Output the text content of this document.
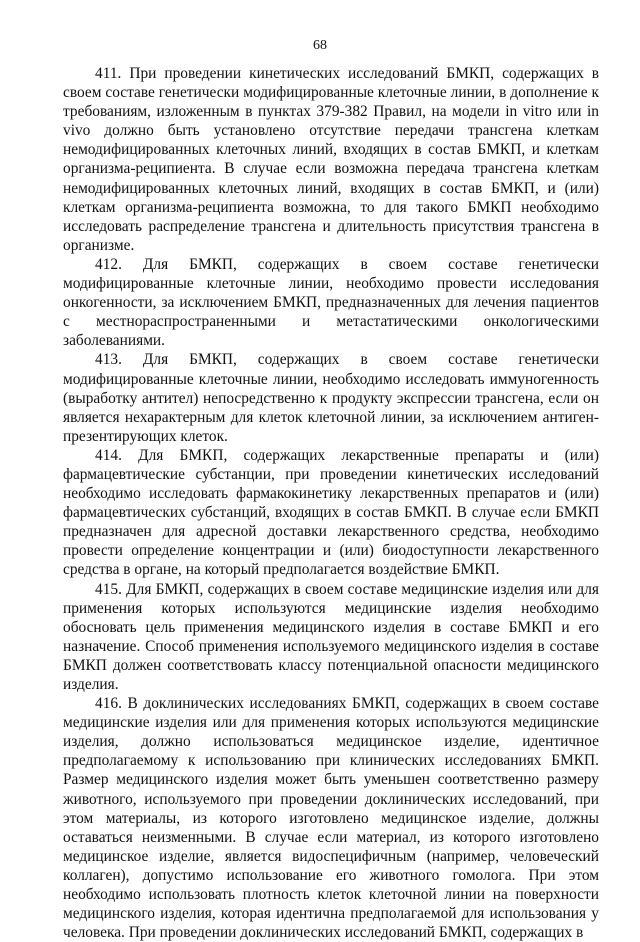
68

411. При проведении кинетических исследований БМКП, содержащих в своем составе генетически модифицированные клеточные линии, в дополнение к требованиям, изложенным в пунктах 379-382 Правил, на модели in vitro или in vivo должно быть установлено отсутствие передачи трансгена клеткам немодифицированных клеточных линий, входящих в состав БМКП, и клеткам организма-реципиента. В случае если возможна передача трансгена клеткам немодифицированных клеточных линий, входящих в состав БМКП, и (или) клеткам организма-реципиента возможна, то для такого БМКП необходимо исследовать распределение трансгена и длительность присутствия трансгена в организме.

412. Для БМКП, содержащих в своем составе генетически модифицированные клеточные линии, необходимо провести исследования онкогенности, за исключением БМКП, предназначенных для лечения пациентов с местнораспространенными и метастатическими онкологическими заболеваниями.

413. Для БМКП, содержащих в своем составе генетически модифицированные клеточные линии, необходимо исследовать иммуногенность (выработку антител) непосредственно к продукту экспрессии трансгена, если он является нехарактерным для клеток клеточной линии, за исключением антиген-презентирующих клеток.

414. Для БМКП, содержащих лекарственные препараты и (или) фармацевтические субстанции, при проведении кинетических исследований необходимо исследовать фармакокинетику лекарственных препаратов и (или) фармацевтических субстанций, входящих в состав БМКП. В случае если БМКП предназначен для адресной доставки лекарственного средства, необходимо провести определение концентрации и (или) биодоступности лекарственного средства в органе, на который предполагается воздействие БМКП.

415. Для БМКП, содержащих в своем составе медицинские изделия или для применения которых используются медицинские изделия необходимо обосновать цель применения медицинского изделия в составе БМКП и его назначение. Способ применения используемого медицинского изделия в составе БМКП должен соответствовать классу потенциальной опасности медицинского изделия.

416. В доклинических исследованиях БМКП, содержащих в своем составе медицинские изделия или для применения которых используются медицинские изделия, должно использоваться медицинское изделие, идентичное предполагаемому к использованию при клинических исследованиях БМКП. Размер медицинского изделия может быть уменьшен соответственно размеру животного, используемого при проведении доклинических исследований, при этом материалы, из которого изготовлено медицинское изделие, должны оставаться неизменными. В случае если материал, из которого изготовлено медицинское изделие, является видоспецифичным (например, человеческий коллаген), допустимо использование его животного гомолога. При этом необходимо использовать плотность клеток клеточной линии на поверхности медицинского изделия, которая идентична предполагаемой для использования у человека. При проведении доклинических исследований БМКП, содержащих в
